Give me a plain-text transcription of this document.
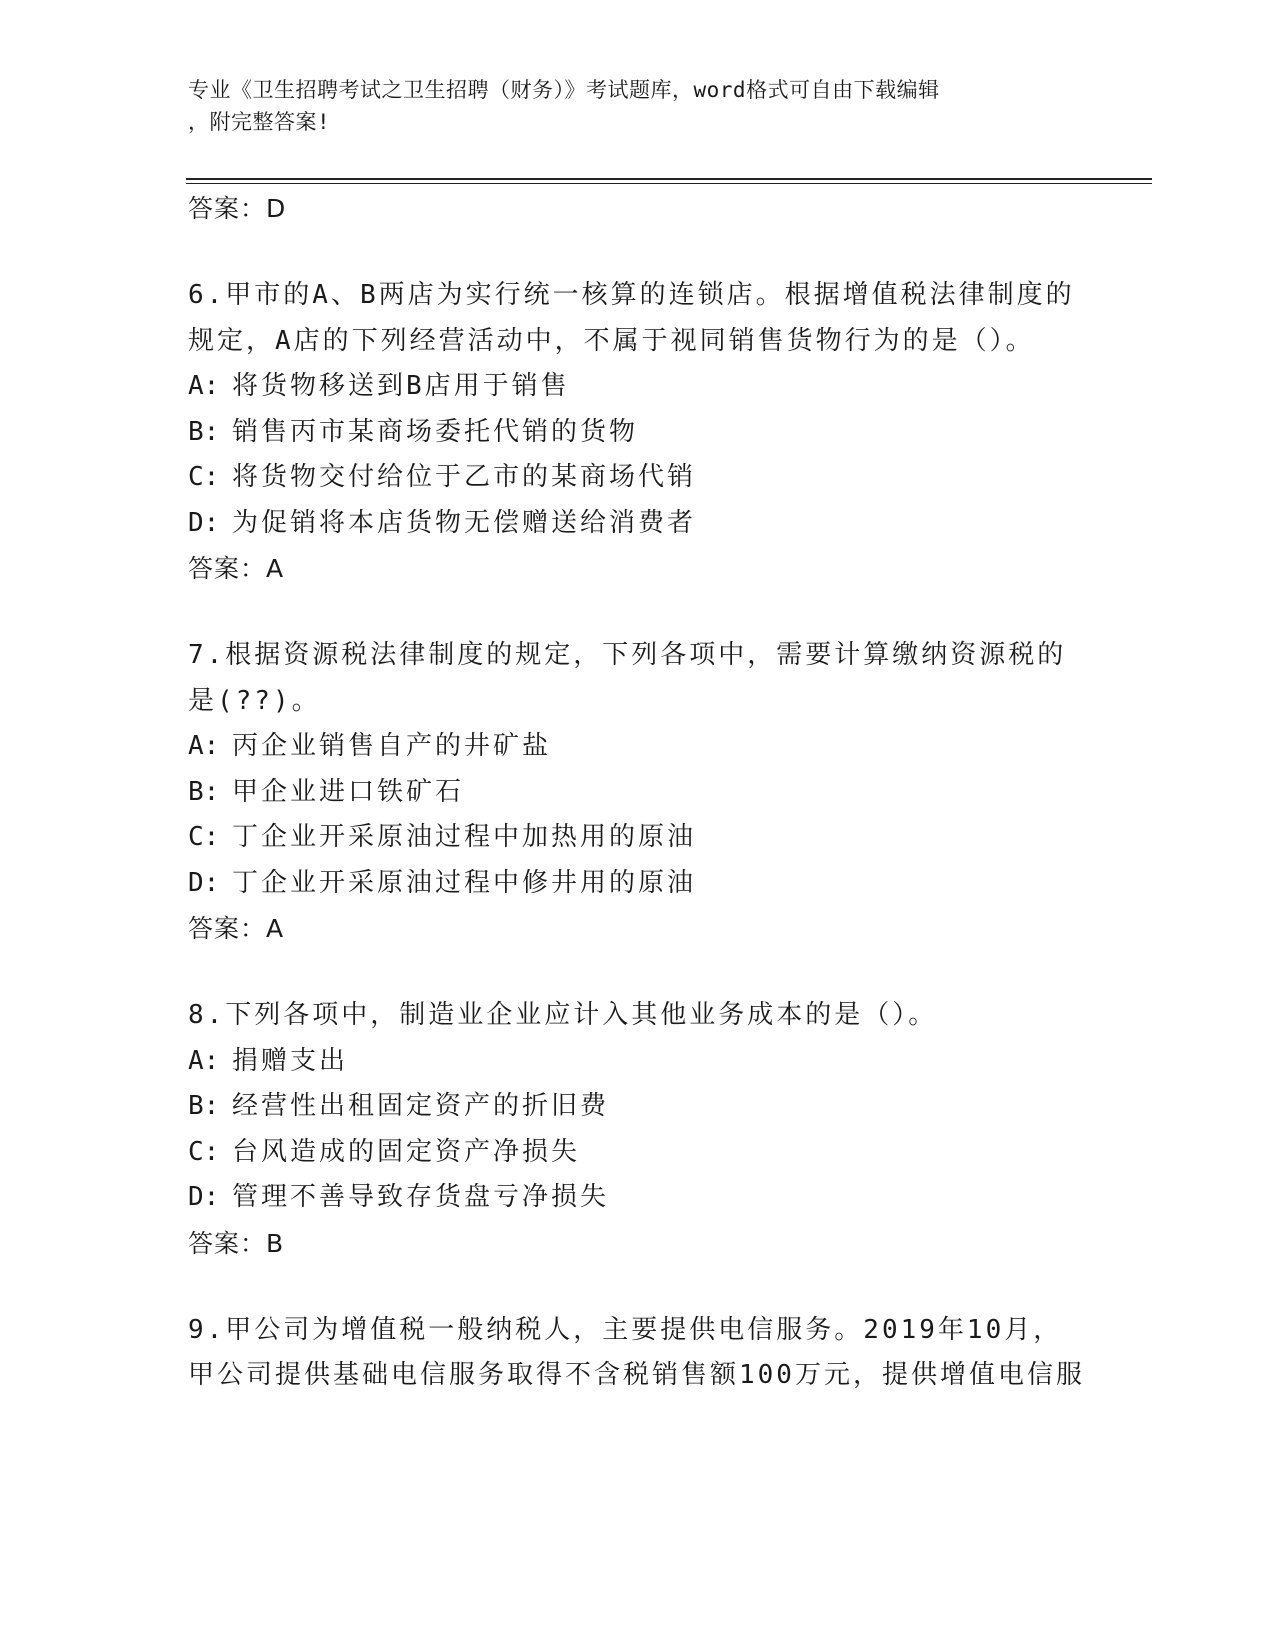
专业《卫生招聘考试之卫生招聘（财务）》考试题库，word格式可自由下载编辑
，附完整答案!
答案：D
6.甲市的A、B两店为实行统一核算的连锁店。根据增值税法律制度的规定，A店的下列经营活动中，不属于视同销售货物行为的是（）。
A: 将货物移送到B店用于销售
B: 销售丙市某商场委托代销的货物
C: 将货物交付给位于乙市的某商场代销
D: 为促销将本店货物无偿赠送给消费者
答案：A
7.根据资源税法律制度的规定，下列各项中，需要计算缴纳资源税的是(??)。
A: 丙企业销售自产的井矿盐
B: 甲企业进口铁矿石
C: 丁企业开采原油过程中加热用的原油
D: 丁企业开采原油过程中修井用的原油
答案：A
8.下列各项中，制造业企业应计入其他业务成本的是（）。
A: 捐赠支出
B: 经营性出租固定资产的折旧费
C: 台风造成的固定资产净损失
D: 管理不善导致存货盘亏净损失
答案：B
9.甲公司为增值税一般纳税人，主要提供电信服务。2019年10月，甲公司提供基础电信服务取得不含税销售额100万元，提供增值电信服
